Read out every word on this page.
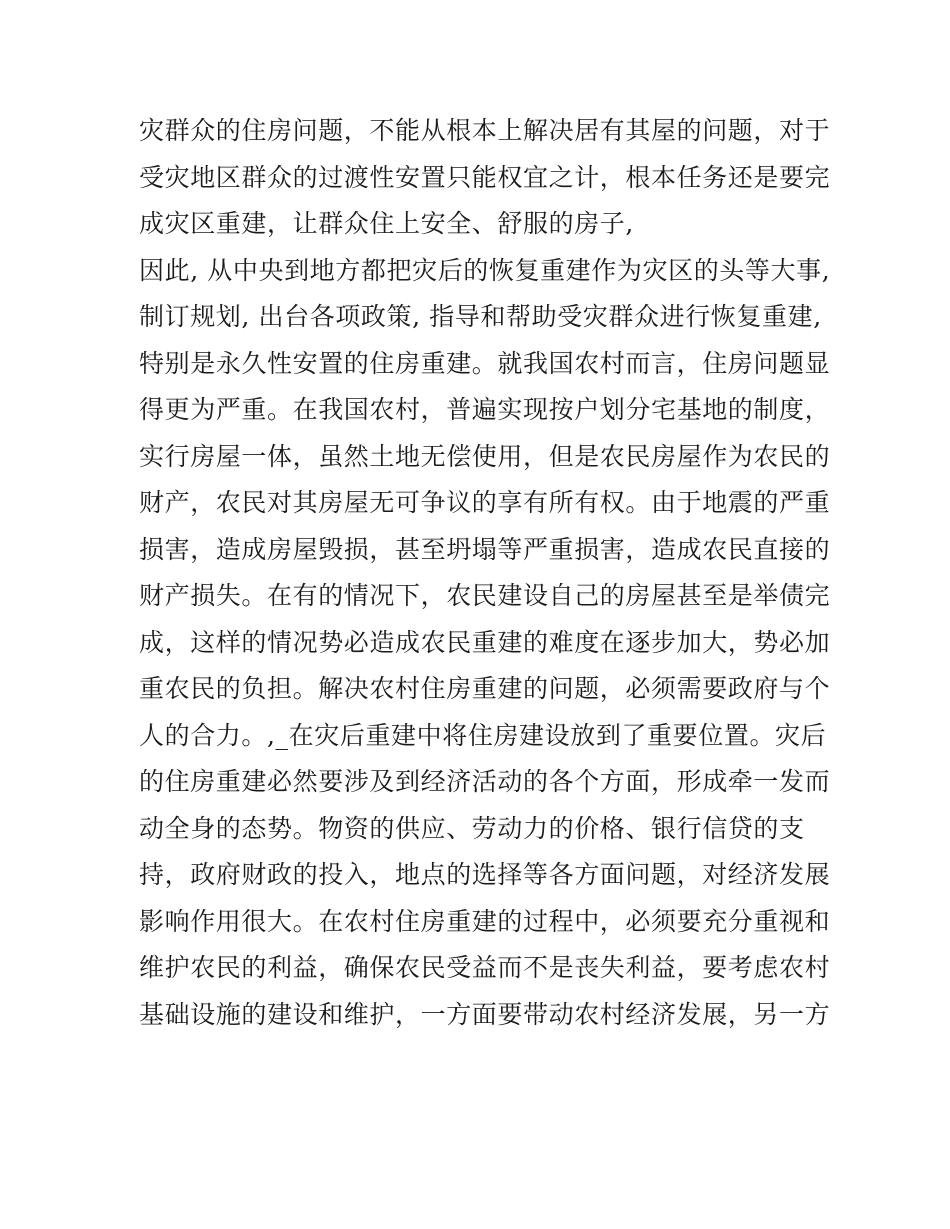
灾群众的住房问题，不能从根本上解决居有其屋的问题，对于
受灾地区群众的过渡性安置只能权宜之计，根本任务还是要完
成灾区重建，让群众住上安全、舒服的房子,
因此, 从中央到地方都把灾后的恢复重建作为灾区的头等大事,
制订规划, 出台各项政策, 指导和帮助受灾群众进行恢复重建,
特别是永久性安置的住房重建。就我国农村而言，住房问题显
得更为严重。在我国农村，普遍实现按户划分宅基地的制度，
实行房屋一体，虽然土地无偿使用，但是农民房屋作为农民的
财产，农民对其房屋无可争议的享有所有权。由于地震的严重
损害，造成房屋毁损，甚至坍塌等严重损害，造成农民直接的
财产损失。在有的情况下，农民建设自己的房屋甚至是举债完
成，这样的情况势必造成农民重建的难度在逐步加大，势必加
重农民的负担。解决农村住房重建的问题，必须需要政府与个
人的合力。,_在灾后重建中将住房建设放到了重要位置。灾后
的住房重建必然要涉及到经济活动的各个方面，形成牵一发而
动全身的态势。物资的供应、劳动力的价格、银行信贷的支
持，政府财政的投入，地点的选择等各方面问题，对经济发展
影响作用很大。在农村住房重建的过程中，必须要充分重视和
维护农民的利益，确保农民受益而不是丧失利益，要考虑农村
基础设施的建设和维护，一方面要带动农村经济发展，另一方
